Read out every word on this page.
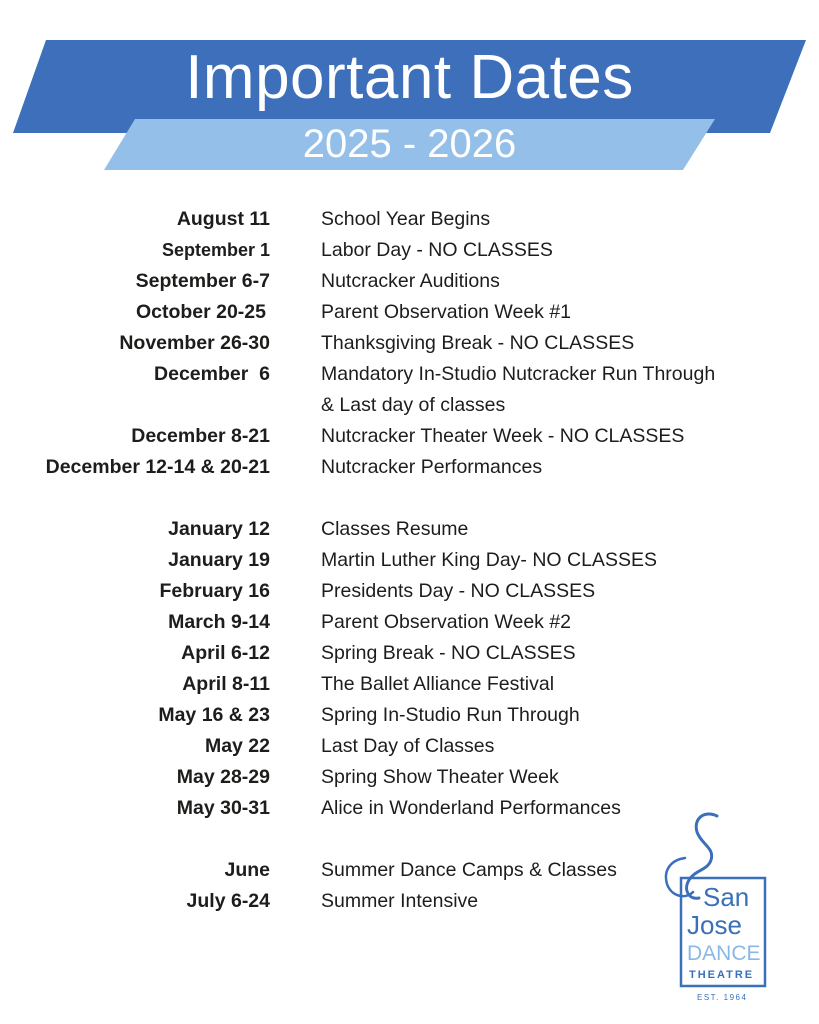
Important Dates
2025 - 2026
August 11	School Year Begins
September 1	Labor Day - NO CLASSES
September 6-7	Nutcracker Auditions
October 20-25	Parent Observation Week #1
November 26-30	Thanksgiving Break - NO CLASSES
December  6	Mandatory In-Studio Nutcracker Run Through
& Last day of classes
December 8-21	Nutcracker Theater Week - NO CLASSES
December 12-14 & 20-21	Nutcracker Performances
January 12	Classes Resume
January 19	Martin Luther King Day- NO CLASSES
February 16	Presidents Day - NO CLASSES
March 9-14	Parent Observation Week #2
April 6-12	Spring Break - NO CLASSES
April 8-11	The Ballet Alliance Festival
May 16 & 23	Spring In-Studio Run Through
May 22	Last Day of Classes
May 28-29	Spring Show Theater Week
May 30-31	Alice in Wonderland Performances
June	Summer Dance Camps & Classes
July 6-24	Summer Intensive	San
Jose
DANCE
THEATRE
EST. 1964
